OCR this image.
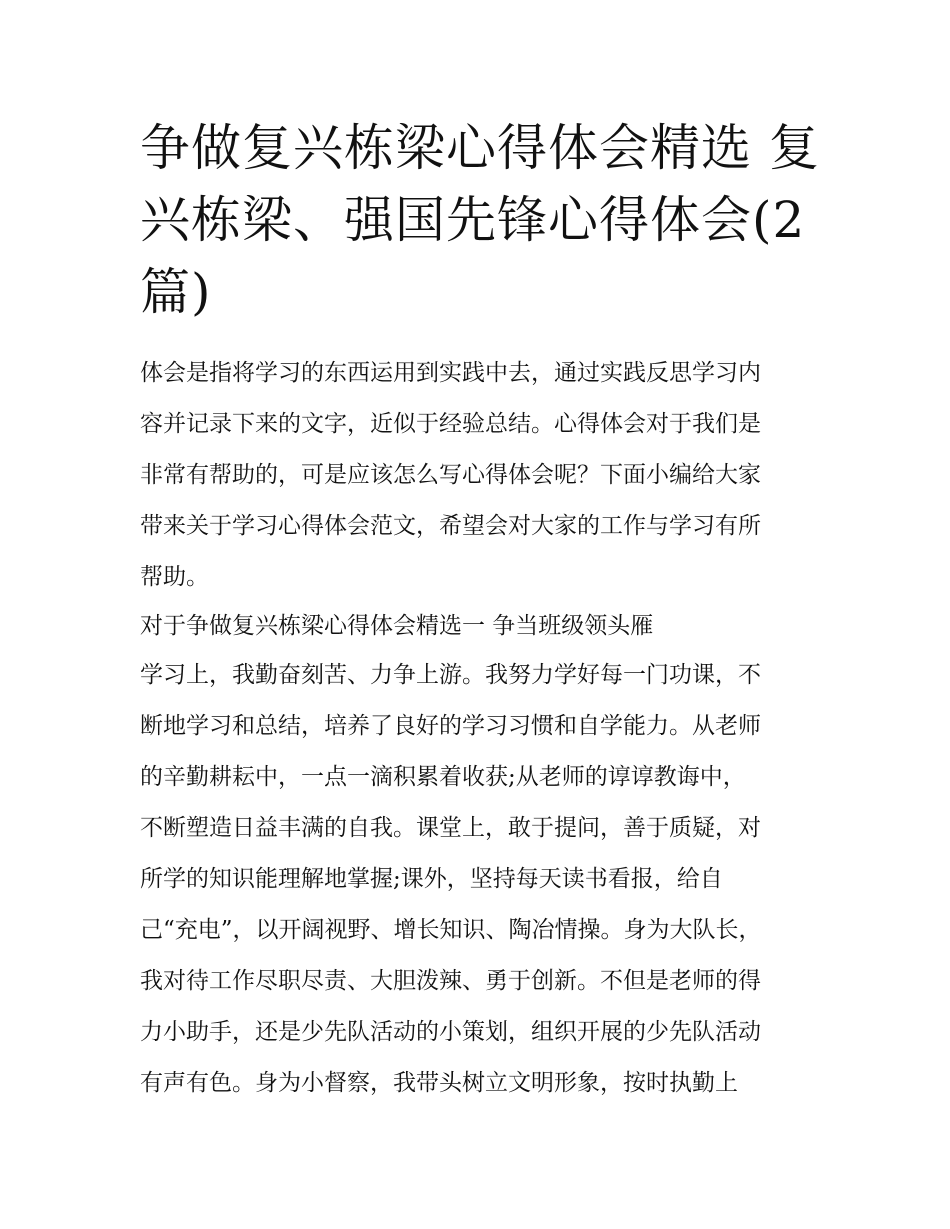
争做复兴栋梁心得体会精选 复
兴栋梁、强国先锋心得体会(2
篇)
体会是指将学习的东西运用到实践中去，通过实践反思学习内
容并记录下来的文字，近似于经验总结。心得体会对于我们是
非常有帮助的，可是应该怎么写心得体会呢？下面小编给大家
带来关于学习心得体会范文，希望会对大家的工作与学习有所
帮助。
对于争做复兴栋梁心得体会精选一 争当班级领头雁
学习上，我勤奋刻苦、力争上游。我努力学好每一门功课，不
断地学习和总结，培养了良好的学习习惯和自学能力。从老师
的辛勤耕耘中，一点一滴积累着收获;从老师的谆谆教诲中，
不断塑造日益丰满的自我。课堂上，敢于提问，善于质疑，对
所学的知识能理解地掌握;课外，坚持每天读书看报，给自
己“充电”，以开阔视野、增长知识、陶冶情操。身为大队长，
我对待工作尽职尽责、大胆泼辣、勇于创新。不但是老师的得
力小助手，还是少先队活动的小策划，组织开展的少先队活动
有声有色。身为小督察，我带头树立文明形象，按时执勤上
